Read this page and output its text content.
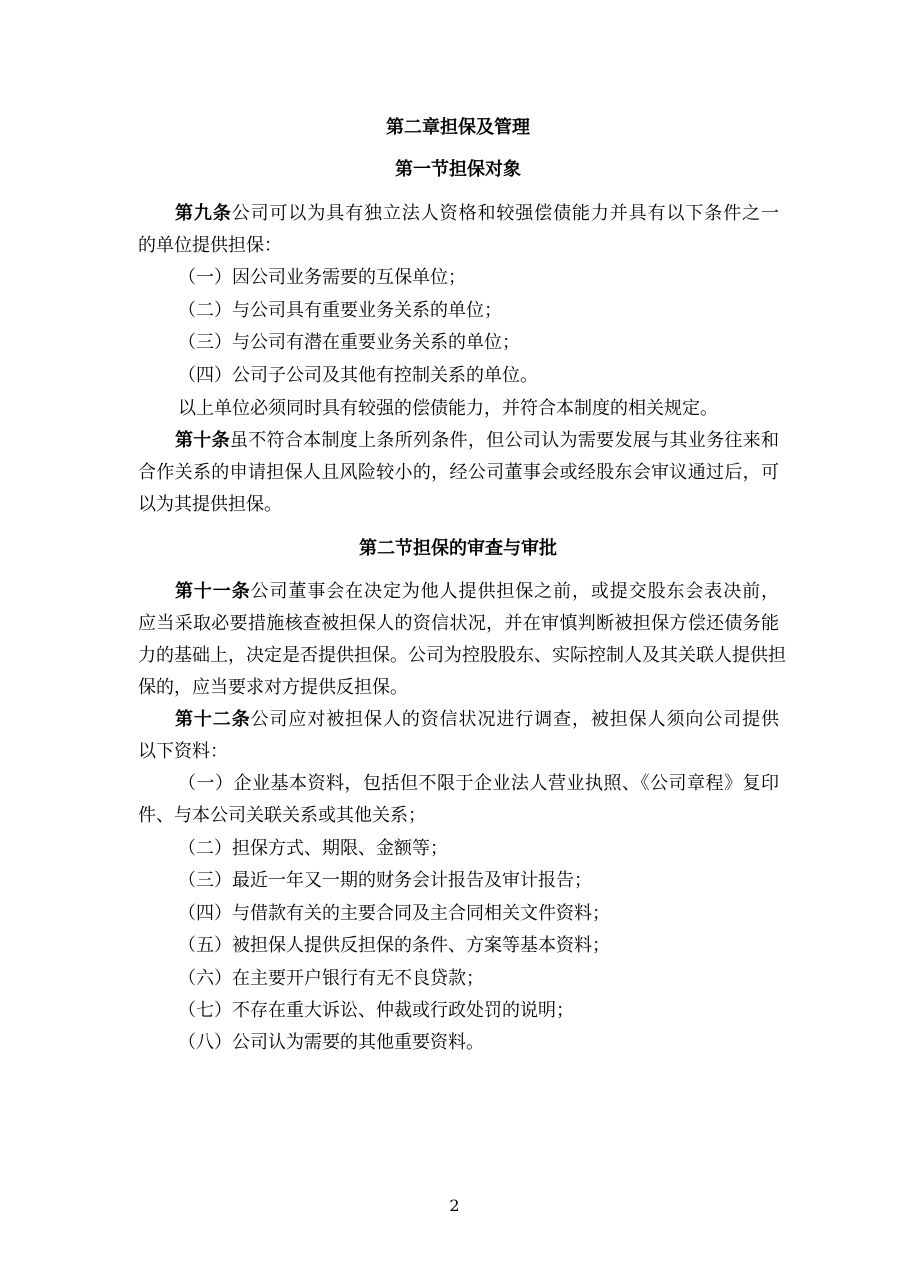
第二章担保及管理
第一节担保对象
第九条公司可以为具有独立法人资格和较强偿债能力并具有以下条件之一
的单位提供担保：
（一）因公司业务需要的互保单位；
（二）与公司具有重要业务关系的单位；
（三）与公司有潜在重要业务关系的单位；
（四）公司子公司及其他有控制关系的单位。
以上单位必须同时具有较强的偿债能力，并符合本制度的相关规定。
第十条虽不符合本制度上条所列条件，但公司认为需要发展与其业务往来和
合作关系的申请担保人且风险较小的，经公司董事会或经股东会审议通过后，可
以为其提供担保。
第二节担保的审查与审批
第十一条公司董事会在决定为他人提供担保之前，或提交股东会表决前，
应当采取必要措施核查被担保人的资信状况，并在审慎判断被担保方偿还债务能
力的基础上，决定是否提供担保。公司为控股股东、实际控制人及其关联人提供担
保的，应当要求对方提供反担保。
第十二条公司应对被担保人的资信状况进行调查，被担保人须向公司提供
以下资料：
（一）企业基本资料，包括但不限于企业法人营业执照、《公司章程》复印
件、与本公司关联关系或其他关系；
（二）担保方式、期限、金额等；
（三）最近一年又一期的财务会计报告及审计报告；
（四）与借款有关的主要合同及主合同相关文件资料；
（五）被担保人提供反担保的条件、方案等基本资料；
（六）在主要开户银行有无不良贷款；
（七）不存在重大诉讼、仲裁或行政处罚的说明；
（八）公司认为需要的其他重要资料。
2
